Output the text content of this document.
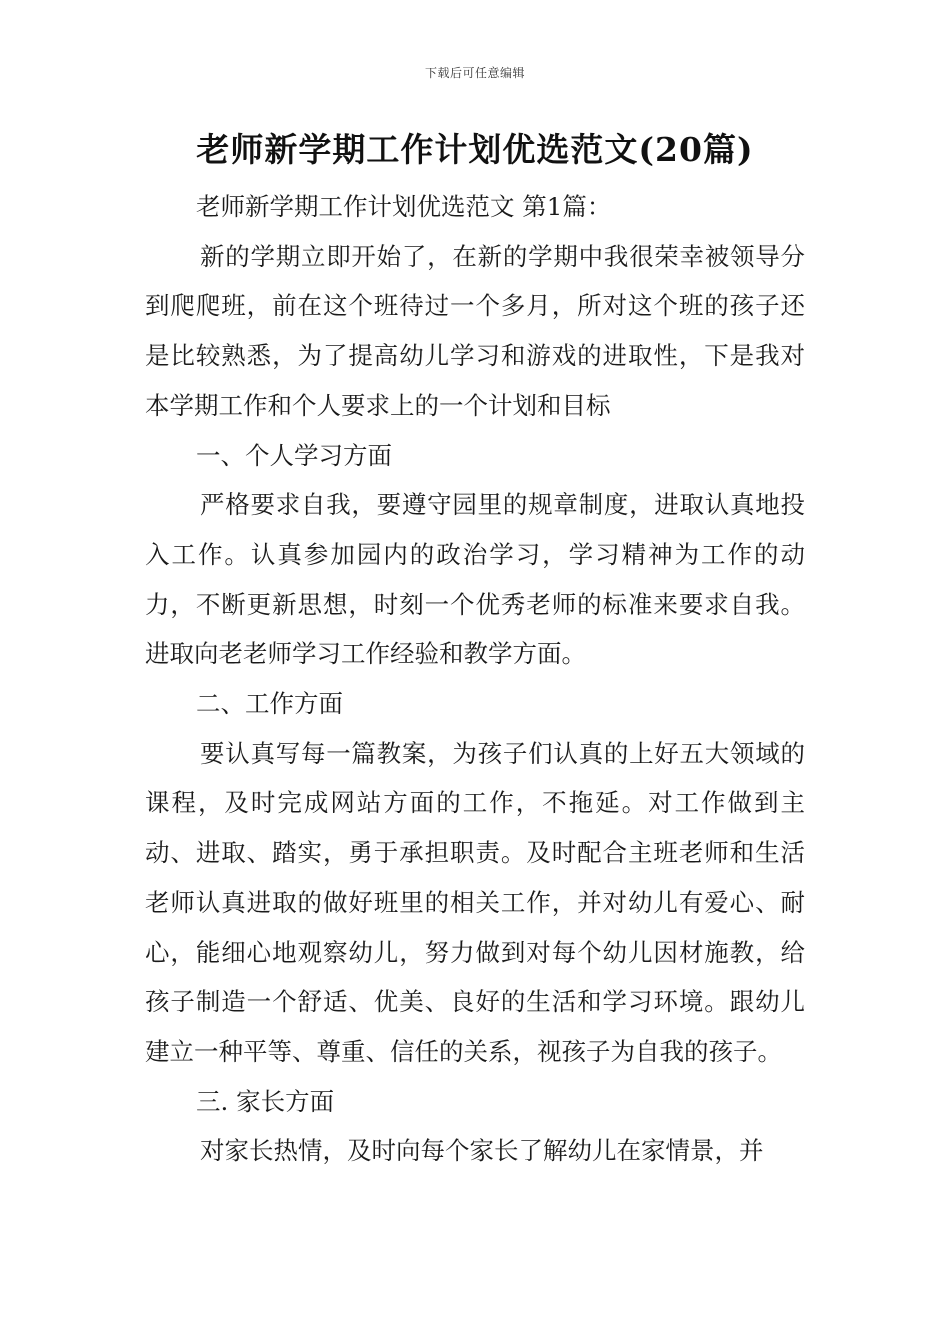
下载后可任意编辑
老师新学期工作计划优选范文(20篇)

老师新学期工作计划优选范文 第1篇：

新的学期立即开始了，在新的学期中我很荣幸被领导分到爬爬班，前在这个班待过一个多月，所对这个班的孩子还是比较熟悉，为了提高幼儿学习和游戏的进取性，下是我对本学期工作和个人要求上的一个计划和目标

一、个人学习方面

严格要求自我，要遵守园里的规章制度，进取认真地投入工作。认真参加园内的政治学习，学习精神为工作的动力，不断更新思想，时刻一个优秀老师的标准来要求自我。进取向老老师学习工作经验和教学方面。

二、工作方面

要认真写每一篇教案，为孩子们认真的上好五大领域的课程，及时完成网站方面的工作，不拖延。对工作做到主动、进取、踏实，勇于承担职责。及时配合主班老师和生活老师认真进取的做好班里的相关工作，并对幼儿有爱心、耐心，能细心地观察幼儿，努力做到对每个幼儿因材施教，给孩子制造一个舒适、优美、良好的生活和学习环境。跟幼儿建立一种平等、尊重、信任的关系，视孩子为自我的孩子。

三. 家长方面

对家长热情，及时向每个家长了解幼儿在家情景，并
